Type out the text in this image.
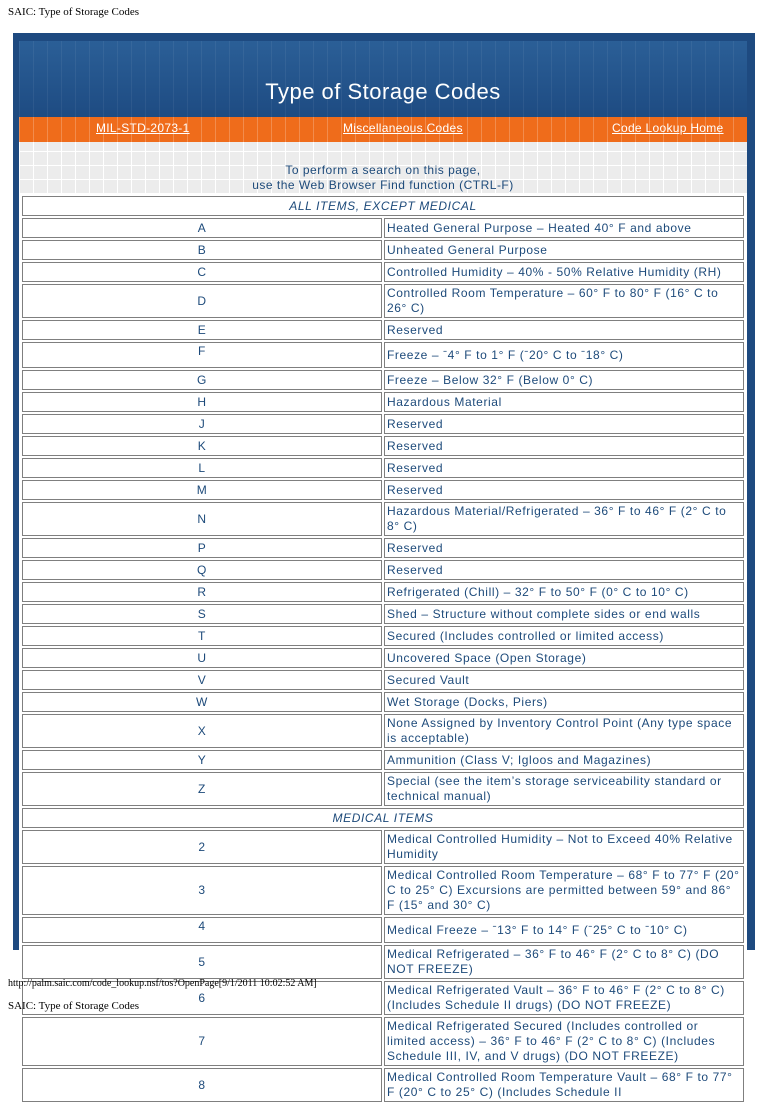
SAIC: Type of Storage Codes
Type of Storage Codes
MIL-STD-2073-1	Miscellaneous Codes	Code Lookup Home
To perform a search on this page,
use the Web Browser Find function (CTRL-F)
ALL ITEMS, EXCEPT MEDICAL	
A	Heated General Purpose – Heated 40° F and above
B	Unheated General Purpose
C	Controlled Humidity – 40% - 50% Relative Humidity (RH)
D	Controlled Room Temperature – 60° F to 80° F (16° C to 26° C)
E	Reserved
F	Freeze – ˉ4° F to 1° F (ˉ20° C to ˉ18° C)
G	Freeze – Below 32° F (Below 0° C)
H	Hazardous Material
J	Reserved
K	Reserved
L	Reserved
M	Reserved
N	Hazardous Material/Refrigerated – 36° F to 46° F (2° C to 8° C)
P	Reserved
Q	Reserved
R	Refrigerated (Chill) – 32° F to 50° F (0° C to 10° C)
S	Shed – Structure without complete sides or end walls
T	Secured (Includes controlled or limited access)
U	Uncovered Space (Open Storage)
V	Secured Vault
W	Wet Storage (Docks, Piers)
X	None Assigned by Inventory Control Point (Any type space is acceptable)
Y	Ammunition (Class V; Igloos and Magazines)
Z	Special (see the item’s storage serviceability standard or technical manual)
MEDICAL ITEMS	
2	Medical Controlled Humidity – Not to Exceed 40% Relative Humidity
3	Medical Controlled Room Temperature – 68° F to 77° F (20° C to 25° C) Excursions are permitted between 59° and 86° F (15° and 30° C)
4	Medical Freeze – ˉ13° F to 14° F (ˉ25° C to ˉ10° C)
5	Medical Refrigerated – 36° F to 46° F (2° C to 8° C) (DO NOT FREEZE)
6	Medical Refrigerated Vault – 36° F to 46° F (2° C to 8° C) (Includes Schedule II drugs) (DO NOT FREEZE)
7	Medical Refrigerated Secured (Includes controlled or limited access) – 36° F to 46° F (2° C to 8° C) (Includes Schedule III, IV, and V drugs) (DO NOT FREEZE)
8	Medical Controlled Room Temperature Vault – 68° F to 77° F (20° C to 25° C) (Includes Schedule II
http://palm.saic.com/code_lookup.nsf/tos?OpenPage[9/1/2011 10:02:52 AM]
SAIC: Type of Storage Codes
